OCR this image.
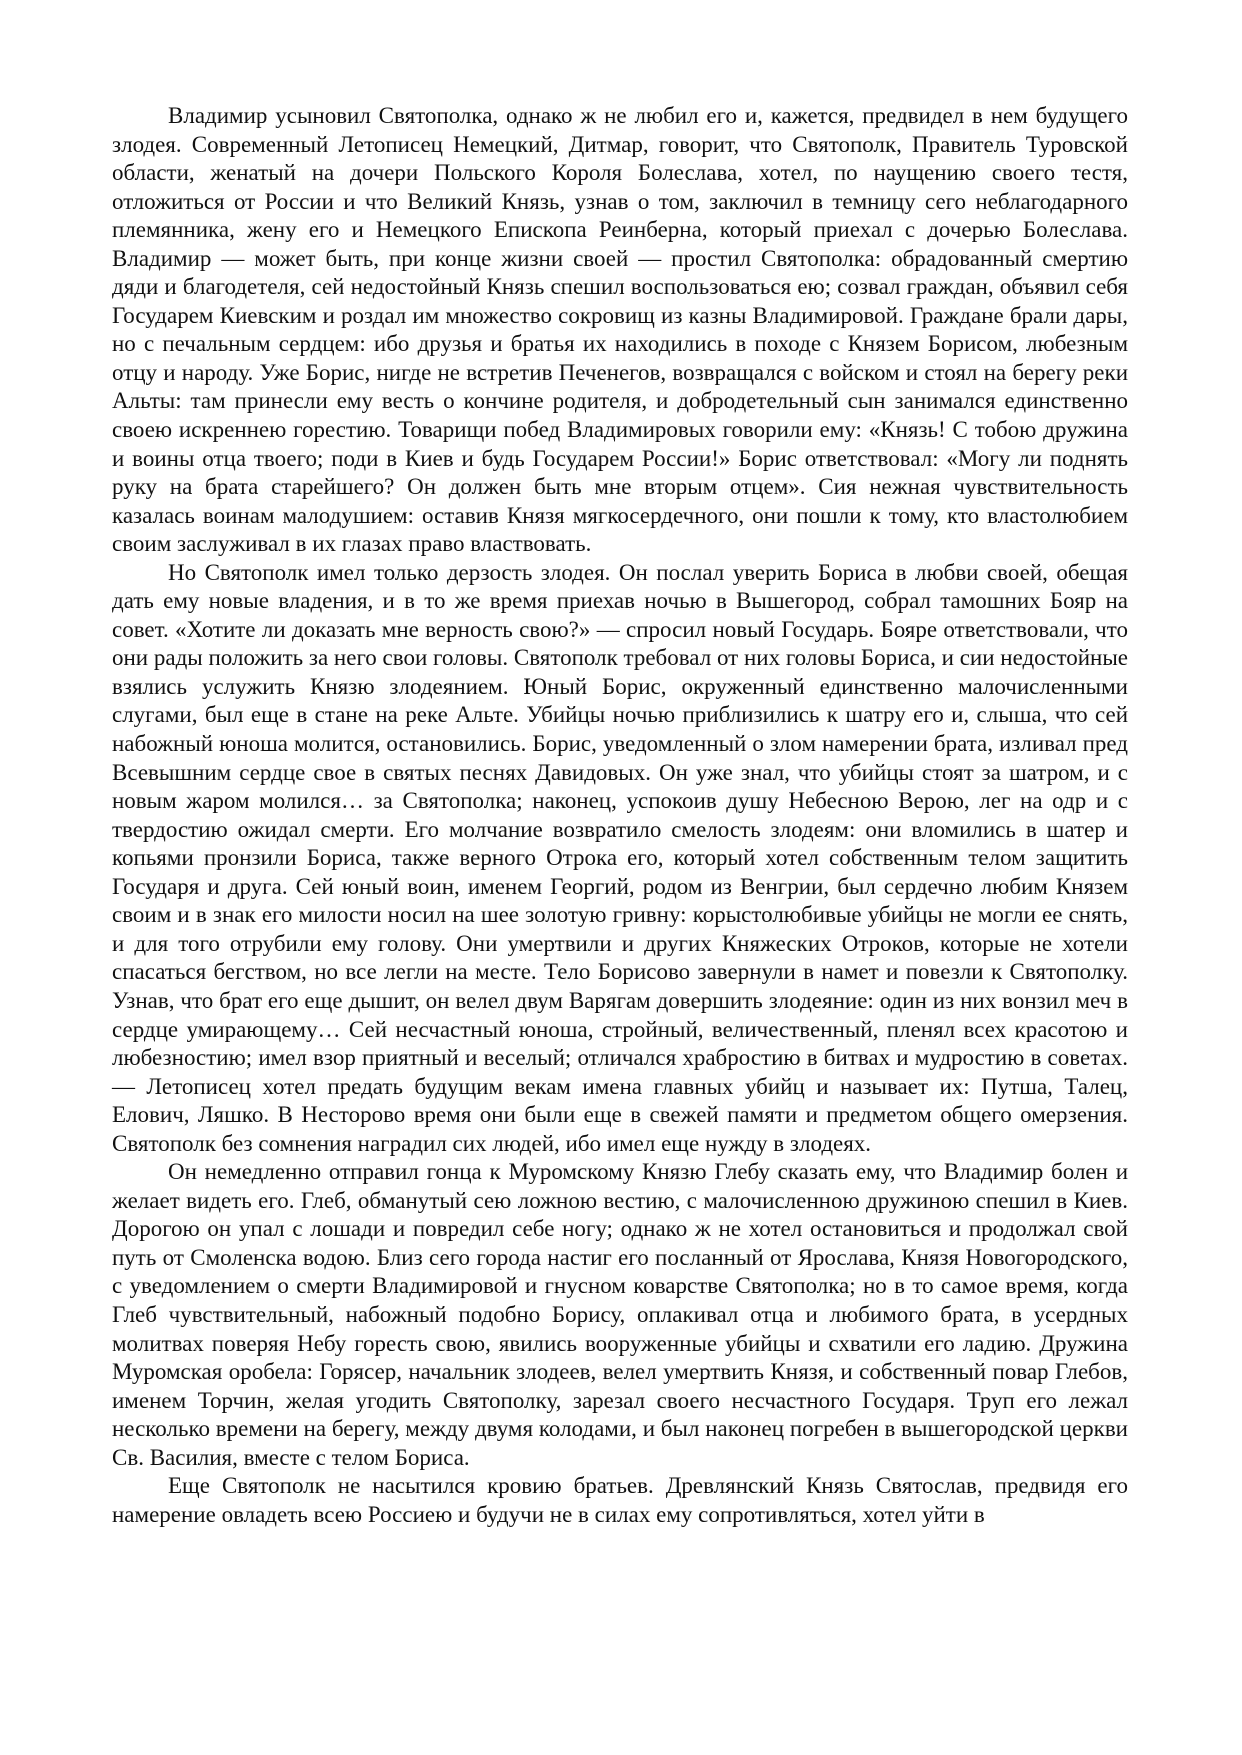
Владимир усыновил Святополка, однако ж не любил его и, кажется, предвидел в нем будущего злодея. Современный Летописец Немецкий, Дитмар, говорит, что Святополк, Правитель Туровской области, женатый на дочери Польского Короля Болеслава, хотел, по наущению своего тестя, отложиться от России и что Великий Князь, узнав о том, заключил в темницу сего неблагодарного племянника, жену его и Немецкого Епископа Реинберна, который приехал с дочерью Болеслава. Владимир — может быть, при конце жизни своей — простил Святополка: обрадованный смертию дяди и благодетеля, сей недостойный Князь спешил воспользоваться ею; созвал граждан, объявил себя Государем Киевским и роздал им множество сокровищ из казны Владимировой. Граждане брали дары, но с печальным сердцем: ибо друзья и братья их находились в походе с Князем Борисом, любезным отцу и народу. Уже Борис, нигде не встретив Печенегов, возвращался с войском и стоял на берегу реки Альты: там принесли ему весть о кончине родителя, и добродетельный сын занимался единственно своею искреннею горестию. Товарищи побед Владимировых говорили ему: «Князь! С тобою дружина и воины отца твоего; поди в Киев и будь Государем России!» Борис ответствовал: «Могу ли поднять руку на брата старейшего? Он должен быть мне вторым отцем». Сия нежная чувствительность казалась воинам малодушием: оставив Князя мягкосердечного, они пошли к тому, кто властолюбием своим заслуживал в их глазах право властвовать.

Но Святополк имел только дерзость злодея. Он послал уверить Бориса в любви своей, обещая дать ему новые владения, и в то же время приехав ночью в Вышегород, собрал тамошних Бояр на совет. «Хотите ли доказать мне верность свою?» — спросил новый Государь. Бояре ответствовали, что они рады положить за него свои головы. Святополк требовал от них головы Бориса, и сии недостойные взялись услужить Князю злодеянием. Юный Борис, окруженный единственно малочисленными слугами, был еще в стане на реке Альте. Убийцы ночью приблизились к шатру его и, слыша, что сей набожный юноша молится, остановились. Борис, уведомленный о злом намерении брата, изливал пред Всевышним сердце свое в святых песнях Давидовых. Он уже знал, что убийцы стоят за шатром, и с новым жаром молился… за Святополка; наконец, успокоив душу Небесною Верою, лег на одр и с твердостию ожидал смерти. Его молчание возвратило смелость злодеям: они вломились в шатер и копьями пронзили Бориса, также верного Отрока его, который хотел собственным телом защитить Государя и друга. Сей юный воин, именем Георгий, родом из Венгрии, был сердечно любим Князем своим и в знак его милости носил на шее золотую гривну: корыстолюбивые убийцы не могли ее снять, и для того отрубили ему голову. Они умертвили и других Княжеских Отроков, которые не хотели спасаться бегством, но все легли на месте. Тело Борисово завернули в намет и повезли к Святополку. Узнав, что брат его еще дышит, он велел двум Варягам довершить злодеяние: один из них вонзил меч в сердце умирающему… Сей несчастный юноша, стройный, величественный, пленял всех красотою и любезностию; имел взор приятный и веселый; отличался храбростию в битвах и мудростию в советах. — Летописец хотел предать будущим векам имена главных убийц и называет их: Путша, Талец, Елович, Ляшко. В Несторово время они были еще в свежей памяти и предметом общего омерзения. Святополк без сомнения наградил сих людей, ибо имел еще нужду в злодеях.

Он немедленно отправил гонца к Муромскому Князю Глебу сказать ему, что Владимир болен и желает видеть его. Глеб, обманутый сею ложною вестию, с малочисленною дружиною спешил в Киев. Дорогою он упал с лошади и повредил себе ногу; однако ж не хотел остановиться и продолжал свой путь от Смоленска водою. Близ сего города настиг его посланный от Ярослава, Князя Новогородского, с уведомлением о смерти Владимировой и гнусном коварстве Святополка; но в то самое время, когда Глеб чувствительный, набожный подобно Борису, оплакивал отца и любимого брата, в усердных молитвах поверяя Небу горесть свою, явились вооруженные убийцы и схватили его ладию. Дружина Муромская оробела: Горясер, начальник злодеев, велел умертвить Князя, и собственный повар Глебов, именем Торчин, желая угодить Святополку, зарезал своего несчастного Государя. Труп его лежал несколько времени на берегу, между двумя колодами, и был наконец погребен в вышегородской церкви Св. Василия, вместе с телом Бориса.

Еще Святополк не насытился кровию братьев. Древлянский Князь Святослав, предвидя его намерение овладеть всею Россиею и будучи не в силах ему сопротивляться, хотел уйти в
